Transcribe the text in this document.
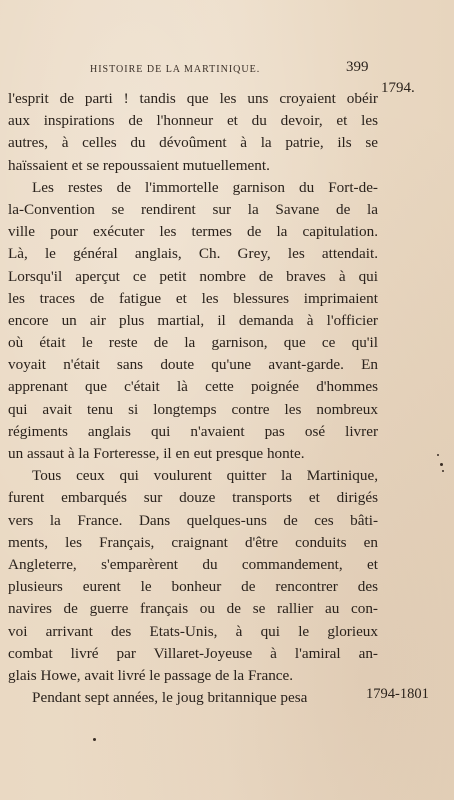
HISTOIRE DE LA MARTINIQUE.	399
1794.
1794-1801
l'esprit de parti ! tandis que les uns croyaient obéir
aux inspirations de l'honneur et du devoir, et les
autres, à celles du dévoûment à la patrie, ils se
haïssaient et se repoussaient mutuellement.
Les restes de l'immortelle garnison du Fort-de-
la-Convention se rendirent sur la Savane de la
ville pour exécuter les termes de la capitulation.
Là, le général anglais, Ch. Grey, les attendait.
Lorsqu'il aperçut ce petit nombre de braves à qui
les traces de fatigue et les blessures imprimaient
encore un air plus martial, il demanda à l'officier
où était le reste de la garnison, que ce qu'il
voyait n'était sans doute qu'une avant-garde. En
apprenant que c'était là cette poignée d'hommes
qui avait tenu si longtemps contre les nombreux
régiments anglais qui n'avaient pas osé livrer
un assaut à la Forteresse, il en eut presque honte.
Tous ceux qui voulurent quitter la Martinique,
furent embarqués sur douze transports et dirigés
vers la France. Dans quelques-uns de ces bâti-
ments, les Français, craignant d'être conduits en
Angleterre, s'emparèrent du commandement, et
plusieurs eurent le bonheur de rencontrer des
navires de guerre français ou de se rallier au con-
voi arrivant des Etats-Unis, à qui le glorieux
combat livré par Villaret-Joyeuse à l'amiral an-
glais Howe, avait livré le passage de la France.
Pendant sept années, le joug britannique pesa
